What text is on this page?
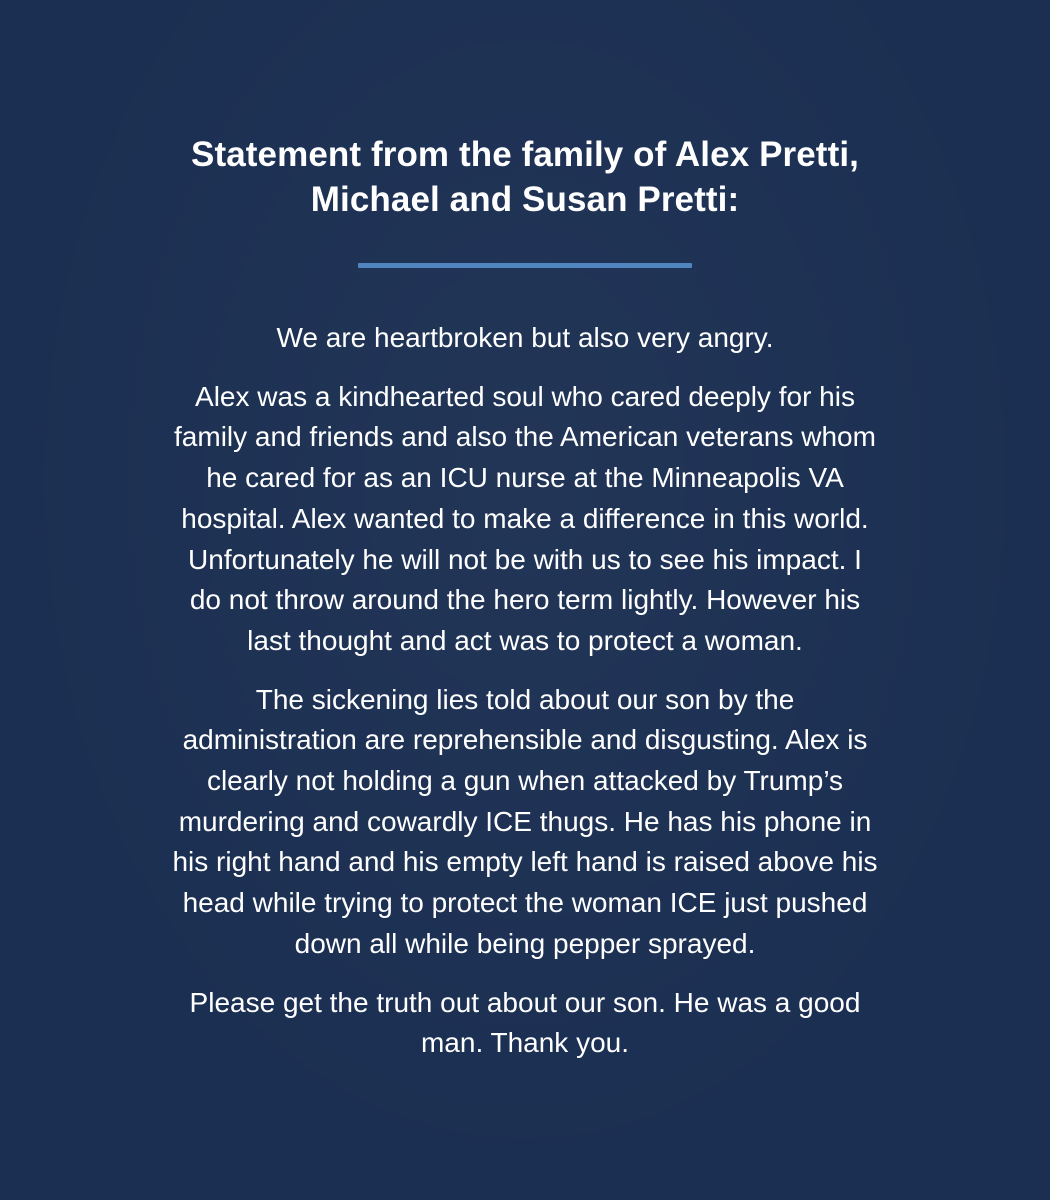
Statement from the family of Alex Pretti,
Michael and Susan Pretti:

We are heartbroken but also very angry.

Alex was a kindhearted soul who cared deeply for his
family and friends and also the American veterans whom
he cared for as an ICU nurse at the Minneapolis VA
hospital. Alex wanted to make a difference in this world.
Unfortunately he will not be with us to see his impact. I
do not throw around the hero term lightly. However his
last thought and act was to protect a woman.

The sickening lies told about our son by the
administration are reprehensible and disgusting. Alex is
clearly not holding a gun when attacked by Trump’s
murdering and cowardly ICE thugs. He has his phone in
his right hand and his empty left hand is raised above his
head while trying to protect the woman ICE just pushed
down all while being pepper sprayed.

Please get the truth out about our son. He was a good
man. Thank you.
